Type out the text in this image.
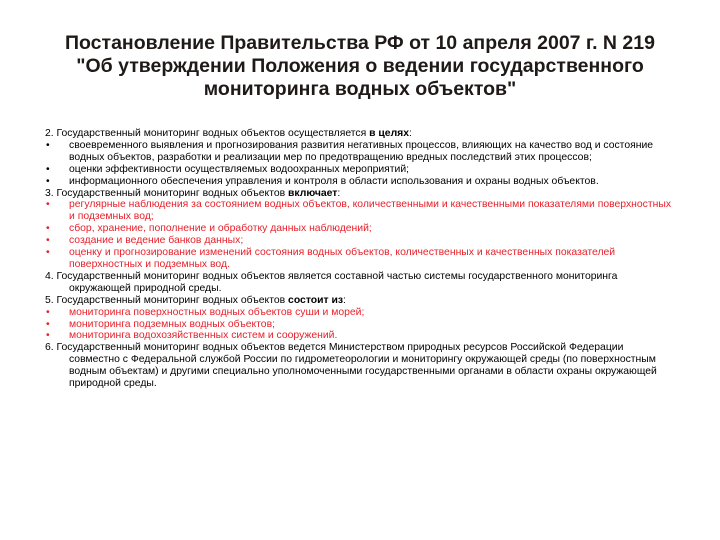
Постановление Правительства РФ от 10 апреля 2007 г. N 219
"Об утверждении Положения о ведении государственного
мониторинга водных объектов"
2. Государственный мониторинг водных объектов осуществляется в целях:
•	своевременного выявления и прогнозирования развития негативных процессов, влияющих на качество вод и состояние водных объектов, разработки и реализации мер по предотвращению вредных последствий этих процессов;
•	оценки эффективности осуществляемых водоохранных мероприятий;
•	информационного обеспечения управления и контроля в области использования и охраны водных объектов.
3. Государственный мониторинг водных объектов включает:
•	регулярные наблюдения за состоянием водных объектов, количественными и качественными показателями поверхностных и подземных вод;
•	сбор, хранение, пополнение и обработку данных наблюдений;
•	создание и ведение банков данных;
•	оценку и прогнозирование изменений состояния водных объектов, количественных и качественных показателей поверхностных и подземных вод.
4. Государственный мониторинг водных объектов является составной частью системы государственного мониторинга окружающей природной среды.
5. Государственный мониторинг водных объектов состоит из:
•	мониторинга поверхностных водных объектов суши и морей;
•	мониторинга подземных водных объектов;
•	мониторинга водохозяйственных систем и сооружений.
6. Государственный мониторинг водных объектов ведется Министерством природных ресурсов Российской Федерации совместно с Федеральной службой России по гидрометеорологии и мониторингу окружающей среды (по поверхностным водным объектам) и другими специально уполномоченными государственными органами в области охраны окружающей природной среды.
